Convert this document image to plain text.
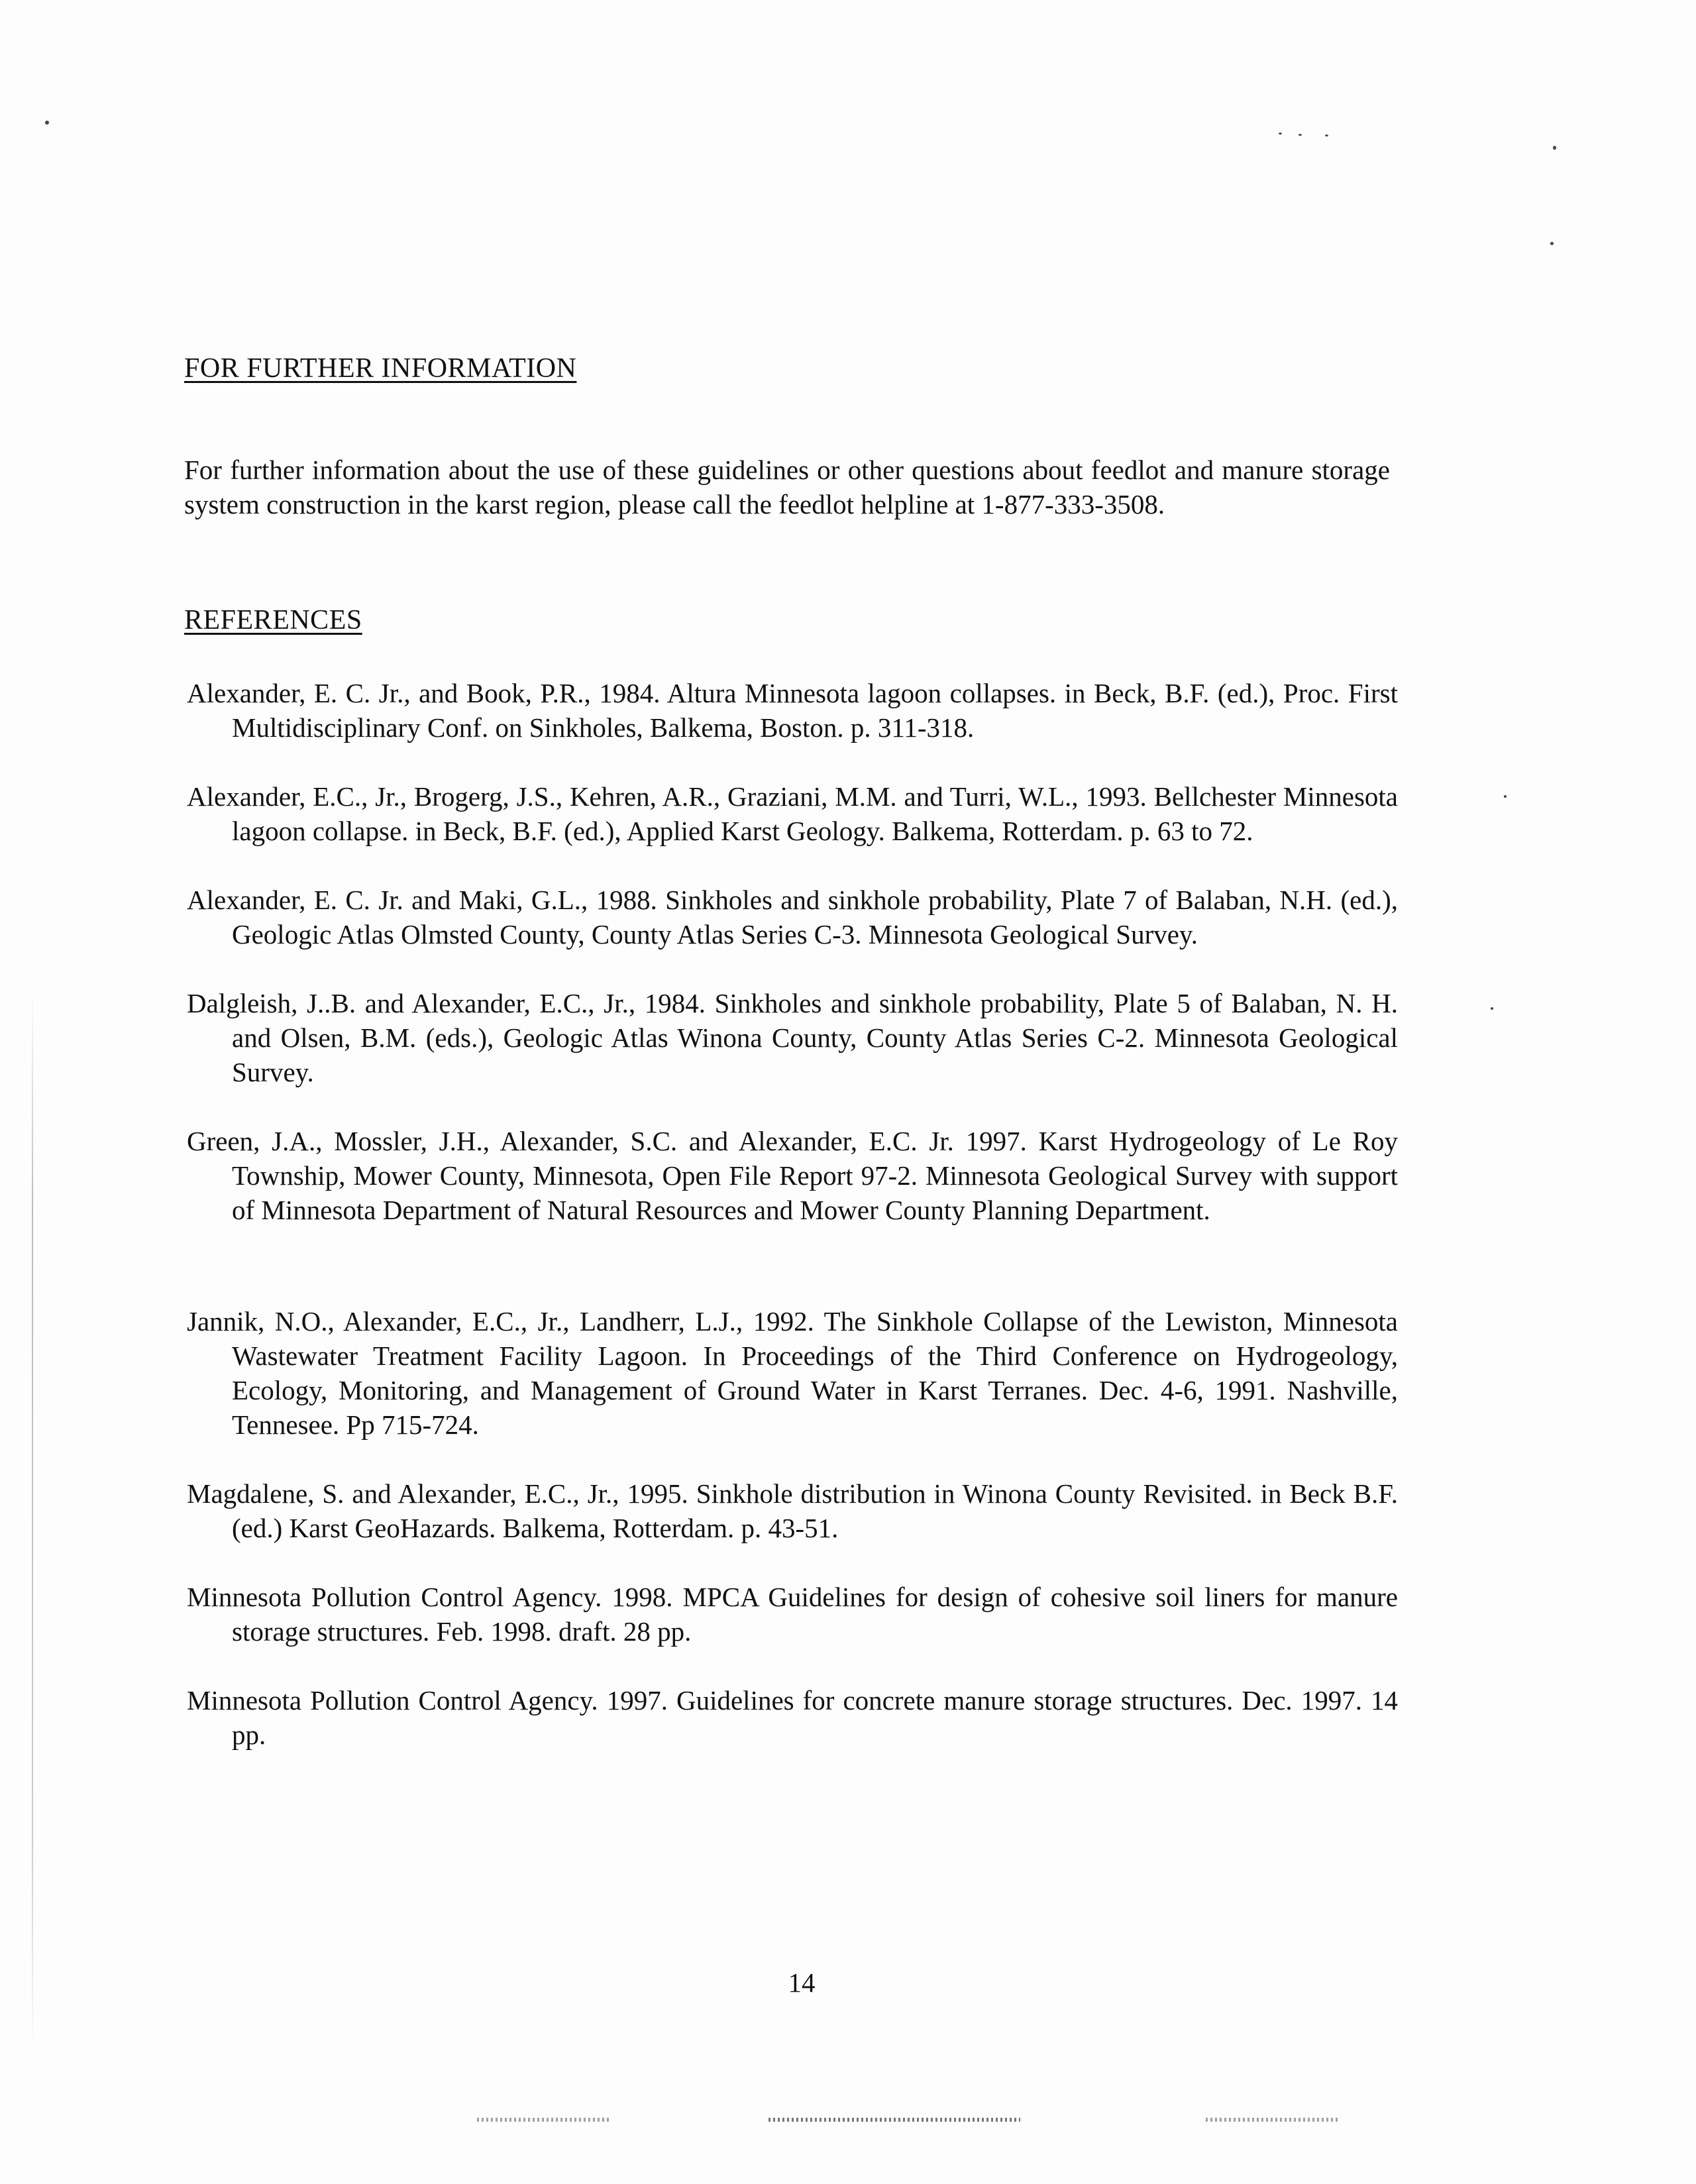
FOR FURTHER INFORMATION

For further information about the use of these guidelines or other questions about feedlot and manure storage system construction in the karst region, please call the feedlot helpline at 1-877-333-3508.

REFERENCES
Alexander, E. C. Jr., and Book, P.R., 1984. Altura Minnesota lagoon collapses. in Beck, B.F. (ed.), Proc. First Multidisciplinary Conf. on Sinkholes, Balkema, Boston. p. 311-318.
Alexander, E.C., Jr., Brogerg, J.S., Kehren, A.R., Graziani, M.M. and Turri, W.L., 1993. Bellchester Minnesota lagoon collapse. in Beck, B.F. (ed.), Applied Karst Geology. Balkema, Rotterdam. p. 63 to 72.
Alexander, E. C. Jr. and Maki, G.L., 1988. Sinkholes and sinkhole probability, Plate 7 of Balaban, N.H. (ed.), Geologic Atlas Olmsted County, County Atlas Series C-3. Minnesota Geological Survey.
Dalgleish, J..B. and Alexander, E.C., Jr., 1984. Sinkholes and sinkhole probability, Plate 5 of Balaban, N. H. and Olsen, B.M. (eds.), Geologic Atlas Winona County, County Atlas Series C-2. Minnesota Geological Survey.
Green, J.A., Mossler, J.H., Alexander, S.C. and Alexander, E.C. Jr. 1997. Karst Hydrogeology of Le Roy Township, Mower County, Minnesota, Open File Report 97-2. Minnesota Geological Survey with support of Minnesota Department of Natural Resources and Mower County Planning Department.
Jannik, N.O., Alexander, E.C., Jr., Landherr, L.J., 1992. The Sinkhole Collapse of the Lewiston, Minnesota Wastewater Treatment Facility Lagoon. In Proceedings of the Third Conference on Hydrogeology, Ecology, Monitoring, and Management of Ground Water in Karst Terranes. Dec. 4-6, 1991. Nashville, Tennesee. Pp 715-724.
Magdalene, S. and Alexander, E.C., Jr., 1995. Sinkhole distribution in Winona County Revisited. in Beck B.F. (ed.) Karst GeoHazards. Balkema, Rotterdam. p. 43-51.
Minnesota Pollution Control Agency. 1998. MPCA Guidelines for design of cohesive soil liners for manure storage structures. Feb. 1998. draft. 28 pp.
Minnesota Pollution Control Agency. 1997. Guidelines for concrete manure storage structures. Dec. 1997. 14 pp.
14
